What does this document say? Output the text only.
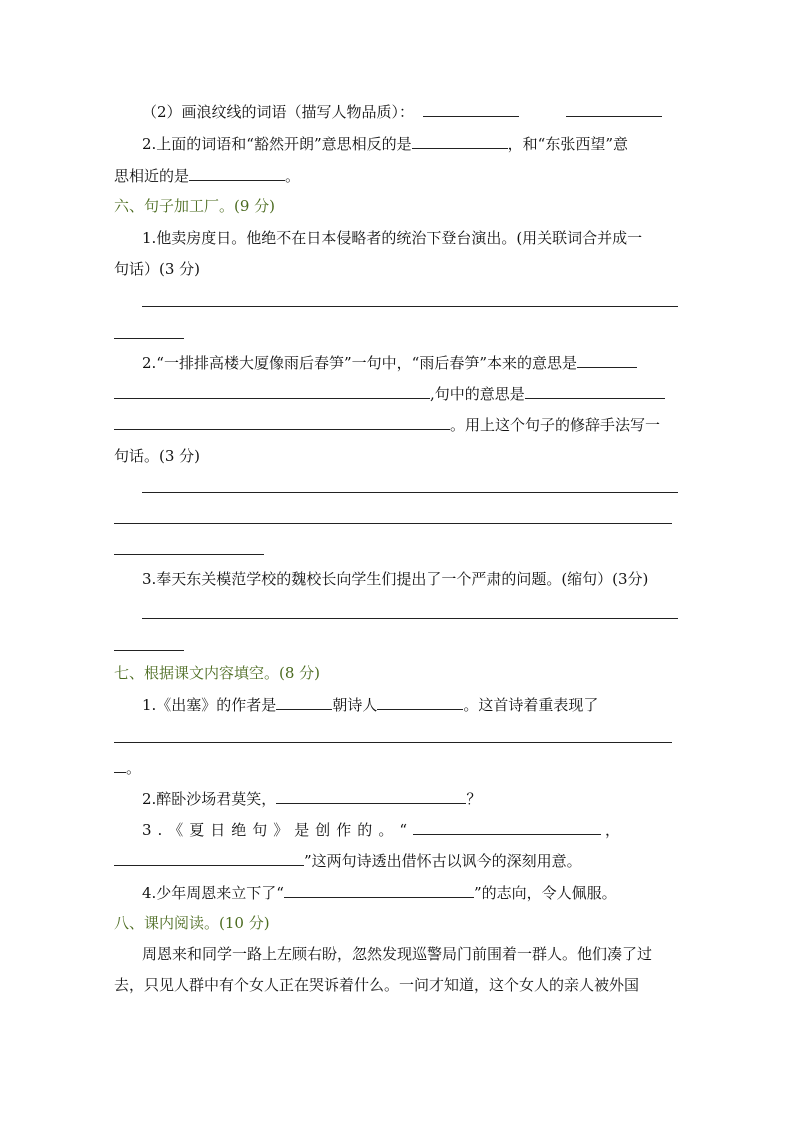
（2）画浪纹线的词语（描写人物品质）：
2.上面的词语和“豁然开朗”意思相反的是	，和“东张西望”意
思相近的是	。
六、句子加工厂。(9 分)
1.他卖房度日。他绝不在日本侵略者的统治下登台演出。(用关联词合并成一
句话）(3 分)
2.“一排排高楼大厦像雨后春笋”一句中，“雨后春笋”本来的意思是
,句中的意思是
。用上这个句子的修辞手法写一
句话。(3 分)
3.奉天东关模范学校的魏校长向学生们提出了一个严肃的问题。(缩句）(3分)
七、根据课文内容填空。(8 分)
1.《出塞》的作者是	朝诗人	。这首诗着重表现了
。
2.醉卧沙场君莫笑，	？
3.《夏日绝句》是创作的。“	，
”这两句诗透出借怀古以讽今的深刻用意。
4.少年周恩来立下了“	”的志向，令人佩服。
八、课内阅读。(10 分)
周恩来和同学一路上左顾右盼，忽然发现巡警局门前围着一群人。他们凑了过
去，只见人群中有个女人正在哭诉着什么。一问才知道，这个女人的亲人被外国
